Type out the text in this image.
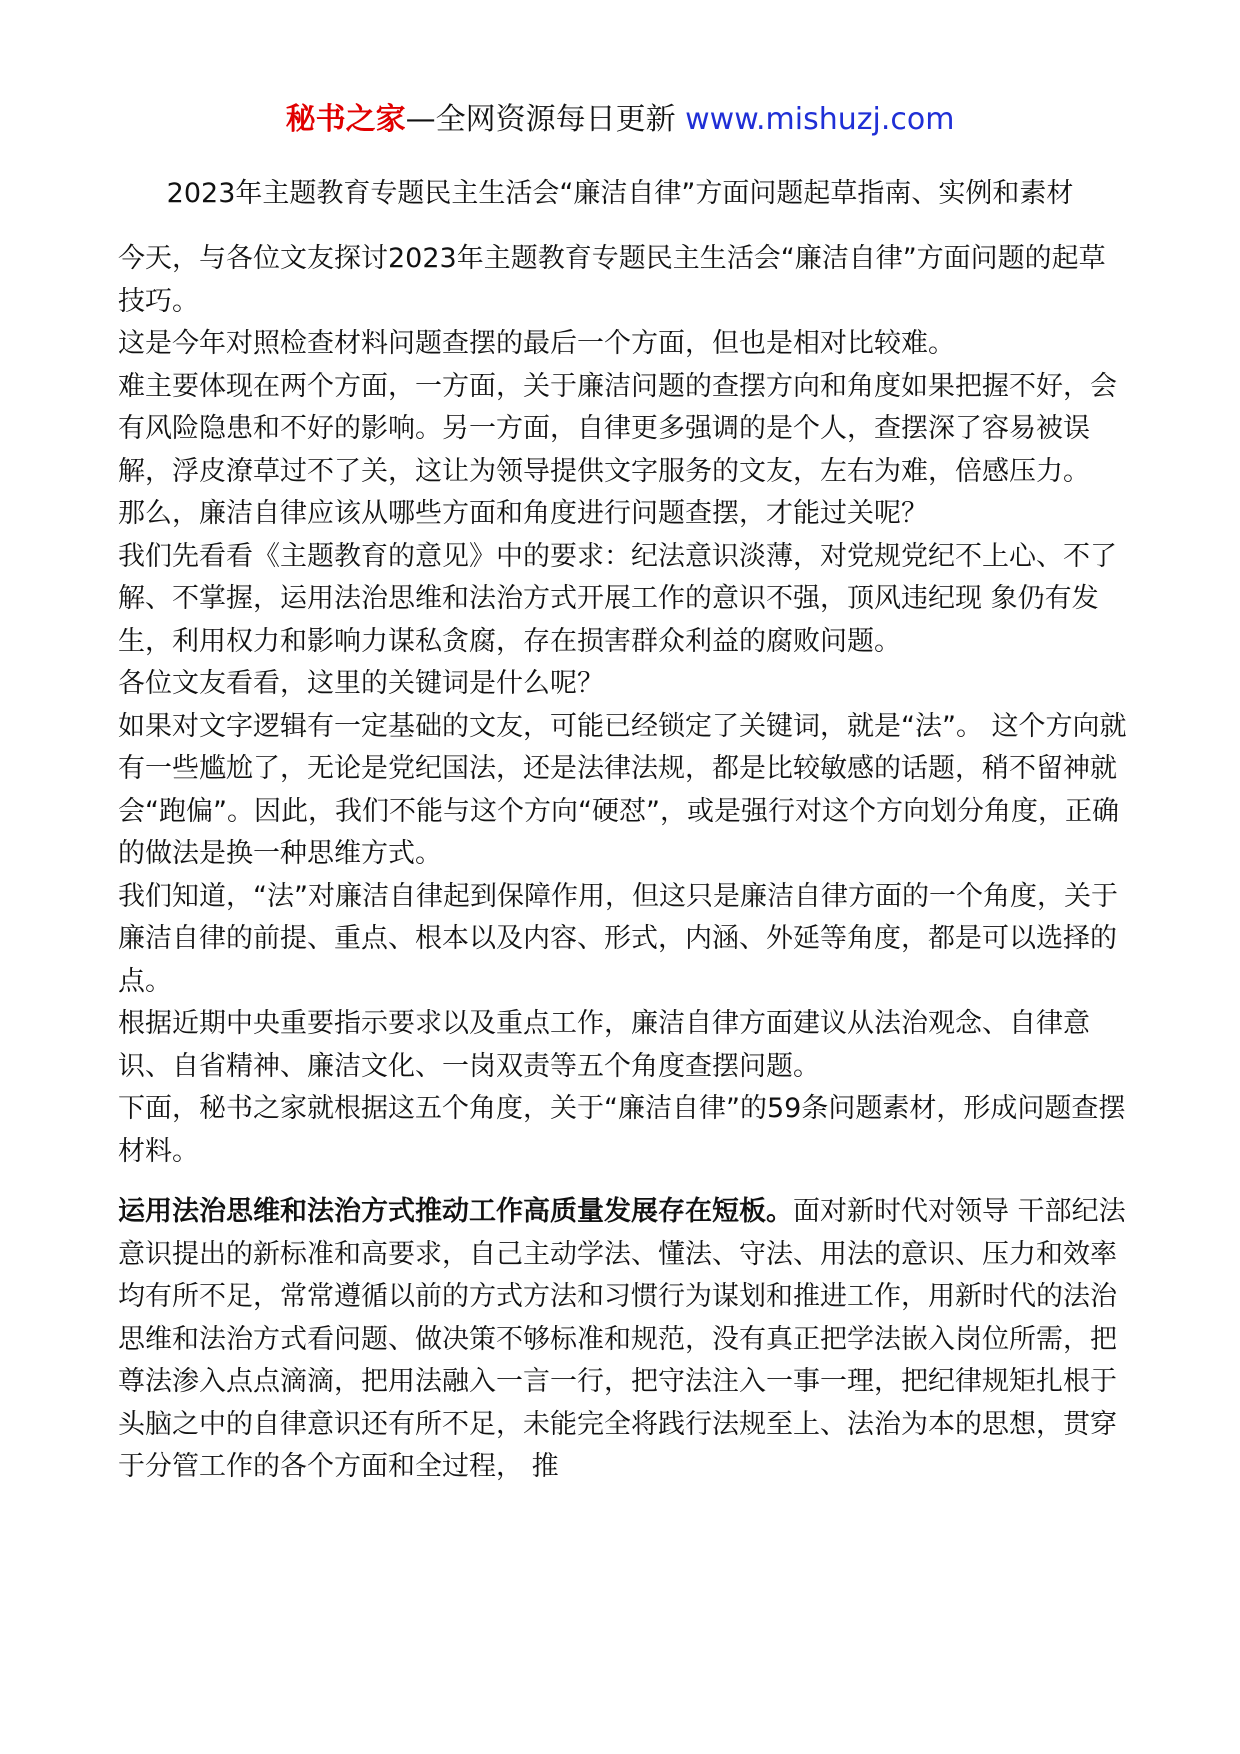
秘书之家—全网资源每日更新 www.mishuzj.com
2023年主题教育专题民主生活会“廉洁自律”方面问题起草指南、实例和素材

今天，与各位文友探讨2023年主题教育专题民主生活会“廉洁自律”方面问题的起草技巧。

这是今年对照检查材料问题查摆的最后一个方面，但也是相对比较难。

难主要体现在两个方面，一方面，关于廉洁问题的查摆方向和角度如果把握不好，会有风险隐患和不好的影响。另一方面，自律更多强调的是个人，查摆深了容易被误解，浮皮潦草过不了关，这让为领导提供文字服务的文友，左右为难，倍感压力。

那么，廉洁自律应该从哪些方面和角度进行问题查摆，才能过关呢？

我们先看看《主题教育的意见》中的要求：纪法意识淡薄，对党规党纪不上心、不了解、不掌握，运用法治思维和法治方式开展工作的意识不强，顶风违纪现 象仍有发生，利用权力和影响力谋私贪腐，存在损害群众利益的腐败问题。

各位文友看看，这里的关键词是什么呢？

如果对文字逻辑有一定基础的文友，可能已经锁定了关键词，就是“法”。 这个方向就有一些尴尬了，无论是党纪国法，还是法律法规，都是比较敏感的话题，稍不留神就会“跑偏”。因此，我们不能与这个方向“硬怼”，或是强行对这个方向划分角度，正确的做法是换一种思维方式。

我们知道，“法”对廉洁自律起到保障作用，但这只是廉洁自律方面的一个角度，关于廉洁自律的前提、重点、根本以及内容、形式，内涵、外延等角度，都是可以选择的点。

根据近期中央重要指示要求以及重点工作，廉洁自律方面建议从法治观念、自律意识、自省精神、廉洁文化、一岗双责等五个角度查摆问题。

下面，秘书之家就根据这五个角度，关于“廉洁自律”的59条问题素材，形成问题查摆材料。

运用法治思维和法治方式推动工作高质量发展存在短板。面对新时代对领导 干部纪法意识提出的新标准和高要求，自己主动学法、懂法、守法、用法的意识、压力和效率均有所不足，常常遵循以前的方式方法和习惯行为谋划和推进工作，用新时代的法治思维和法治方式看问题、做决策不够标准和规范，没有真正把学法嵌入岗位所需，把尊法渗入点点滴滴，把用法融入一言一行，把守法注入一事一理，把纪律规矩扎根于头脑之中的自律意识还有所不足，未能完全将践行法规至上、法治为本的思想，贯穿于分管工作的各个方面和全过程， 推
